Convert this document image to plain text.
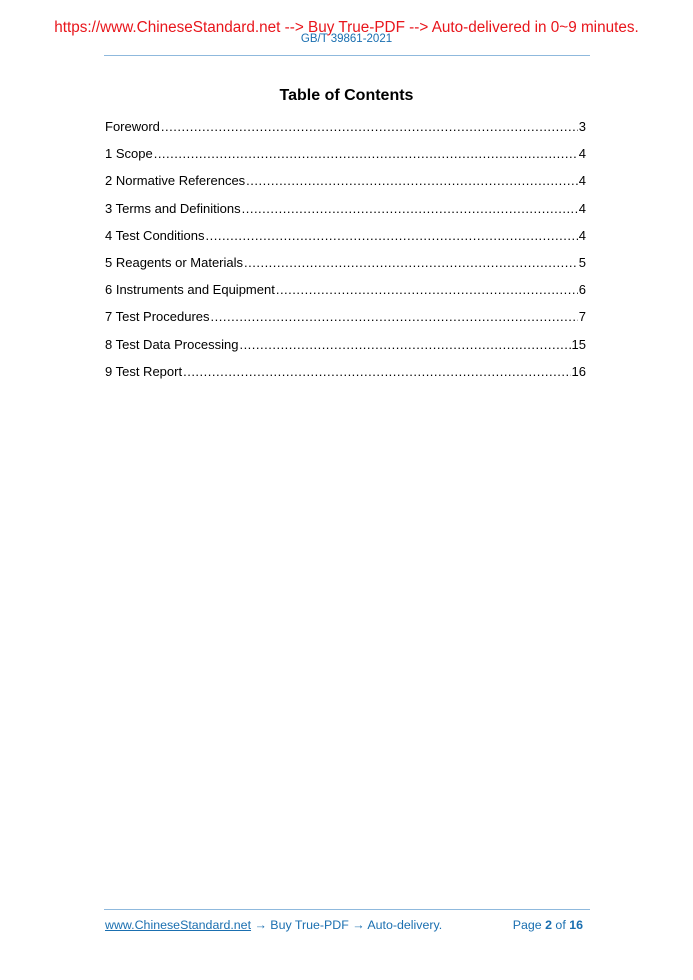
https://www.ChineseStandard.net --> Buy True-PDF --> Auto-delivered in 0~9 minutes.
GB/T 39861-2021
Table of Contents
Foreword .....	3
1 Scope .....	4
2 Normative References .....	4
3 Terms and Definitions .....	4
4 Test Conditions .....	4
5 Reagents or Materials .....	5
6 Instruments and Equipment .....	6
7 Test Procedures .....	7
8 Test Data Processing .....	15
9 Test Report .....	16
www.ChineseStandard.net → Buy True-PDF → Auto-delivery.	Page 2 of 16
